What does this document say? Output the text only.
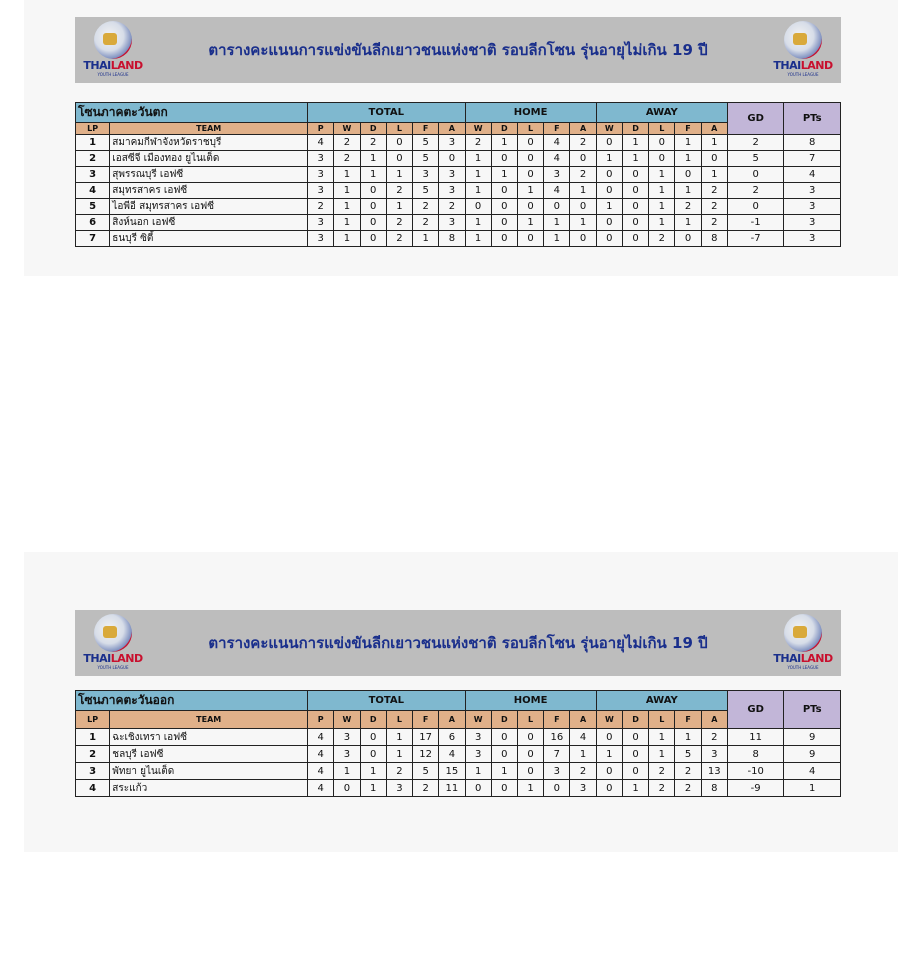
THAILAND
YOUTH LEAGUE
ตารางคะแนนการแข่งขันลีกเยาวชนแห่งชาติ รอบลีกโซน รุ่นอายุไม่เกิน 19 ปี
THAILAND
YOUTH LEAGUE
โซนภาคตะวันตก		TOTAL						HOME					AWAY					GD	PTs
LP	TEAM	P	W	D	L	F	A	W	D	L	F	A	W	D	L	F	A		
1	สมาคมกีฬาจังหวัดราชบุรี	4	2	2	0	5	3	2	1	0	4	2	0	1	0	1	1	2	8
2	เอสซีจี เมืองทอง ยูไนเต็ด	3	2	1	0	5	0	1	0	0	4	0	1	1	0	1	0	5	7
3	สุพรรณบุรี เอฟซี	3	1	1	1	3	3	1	1	0	3	2	0	0	1	0	1	0	4
4	สมุทรสาคร เอฟซี	3	1	0	2	5	3	1	0	1	4	1	0	0	1	1	2	2	3
5	ไอพีอี สมุทรสาคร เอฟซี	2	1	0	1	2	2	0	0	0	0	0	1	0	1	2	2	0	3
6	สิงห์นอก เอฟซี	3	1	0	2	2	3	1	0	1	1	1	0	0	1	1	2	-1	3
7	ธนบุรี ซิตี้	3	1	0	2	1	8	1	0	0	1	0	0	0	2	0	8	-7	3
THAILAND
YOUTH LEAGUE
ตารางคะแนนการแข่งขันลีกเยาวชนแห่งชาติ รอบลีกโซน รุ่นอายุไม่เกิน 19 ปี
THAILAND
YOUTH LEAGUE
โซนภาคตะวันออก		TOTAL						HOME					AWAY					GD	PTs
LP	TEAM	P	W	D	L	F	A	W	D	L	F	A	W	D	L	F	A		
1	ฉะเชิงเทรา เอฟซี	4	3	0	1	17	6	3	0	0	16	4	0	0	1	1	2	11	9
2	ชลบุรี เอฟซี	4	3	0	1	12	4	3	0	0	7	1	1	0	1	5	3	8	9
3	พัทยา ยูไนเต็ด	4	1	1	2	5	15	1	1	0	3	2	0	0	2	2	13	-10	4
4	สระแก้ว	4	0	1	3	2	11	0	0	1	0	3	0	1	2	2	8	-9	1
